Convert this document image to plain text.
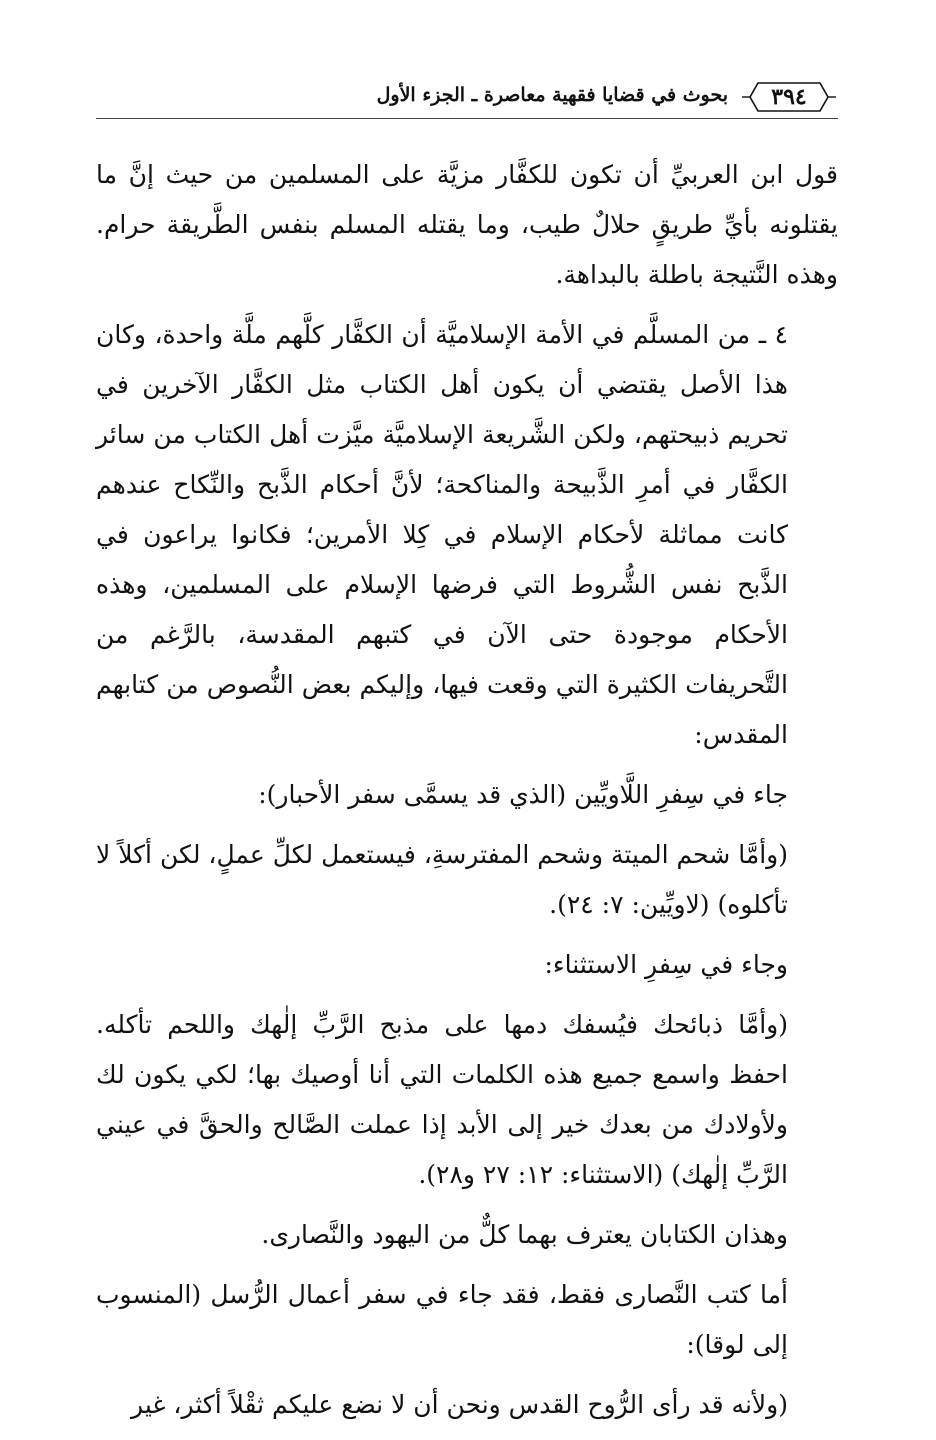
٣٩٤
بحوث في قضايا فقهية معاصرة ـ الجزء الأول

قول ابن العربيِّ أن تكون للكفَّار مزيَّة على المسلمين من حيث إنَّ ما يقتلونه بأيِّ طريقٍ حلالٌ طيب، وما يقتله المسلم بنفس الطَّريقة حرام. وهذه النَّتيجة باطلة بالبداهة.

٤ ـ من المسلَّم في الأمة الإسلاميَّة أن الكفَّار كلَّهم ملَّة واحدة، وكان هذا الأصل يقتضي أن يكون أهل الكتاب مثل الكفَّار الآخرين في تحريم ذبيحتهم، ولكن الشَّريعة الإسلاميَّة ميَّزت أهل الكتاب من سائر الكفَّار في أمرِ الذَّبيحة والمناكحة؛ لأنَّ أحكام الذَّبح والنِّكاح عندهم كانت مماثلة لأحكام الإسلام في كِلا الأمرين؛ فكانوا يراعون في الذَّبح نفس الشُّروط التي فرضها الإسلام على المسلمين، وهذه الأحكام موجودة حتى الآن في كتبهم المقدسة، بالرَّغم من التَّحريفات الكثيرة التي وقعت فيها، وإليكم بعض النُّصوص من كتابهم المقدس:

جاء في سِفرِ اللَّاويِّين (الذي قد يسمَّى سفر الأحبار):

(وأمَّا شحم الميتة وشحم المفترسةِ، فيستعمل لكلِّ عملٍ، لكن أكلاً لا تأكلوه) (لاويِّين: ٧: ٢٤).

وجاء في سِفرِ الاستثناء:

(وأمَّا ذبائحك فيُسفك دمها على مذبح الرَّبِّ إلٰهك واللحم تأكله. احفظ واسمع جميع هذه الكلمات التي أنا أوصيك بها؛ لكي يكون لك ولأولادك من بعدك خير إلى الأبد إذا عملت الصَّالح والحقَّ في عيني الرَّبِّ إلٰهك) (الاستثناء: ١٢: ٢٧ و٢٨).

وهذان الكتابان يعترف بهما كلٌّ من اليهود والنَّصارى.

أما كتب النَّصارى فقط، فقد جاء في سفر أعمال الرُّسل (المنسوب إلى لوقا):

(ولأنه قد رأى الرُّوح القدس ونحن أن لا نضع عليكم ثقْلاً أكثر، غير
